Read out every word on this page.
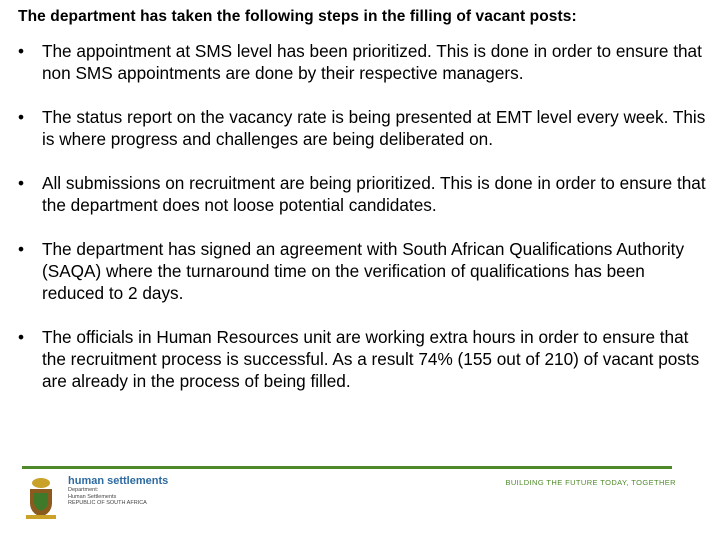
The department has taken the following steps in the filling of vacant posts:
• The appointment at SMS level has been prioritized. This is done in order to ensure that non SMS appointments are done by their respective managers.
• The status report on the vacancy rate is being presented at EMT level every week. This is where progress and challenges are being deliberated on.
• All submissions on recruitment are being prioritized. This is done in order to ensure that the department does not loose potential candidates.
• The department has signed an agreement with South African Qualifications Authority (SAQA) where the turnaround time on the verification of qualifications has been reduced to 2 days.
• The officials in Human Resources unit are working extra hours in order to ensure that the recruitment process is successful. As a result 74% (155 out of 210) of vacant posts are already in the process of being filled.
human settlements
Department:
Human Settlements
REPUBLIC OF SOUTH AFRICA
BUILDING THE FUTURE TODAY, TOGETHER
